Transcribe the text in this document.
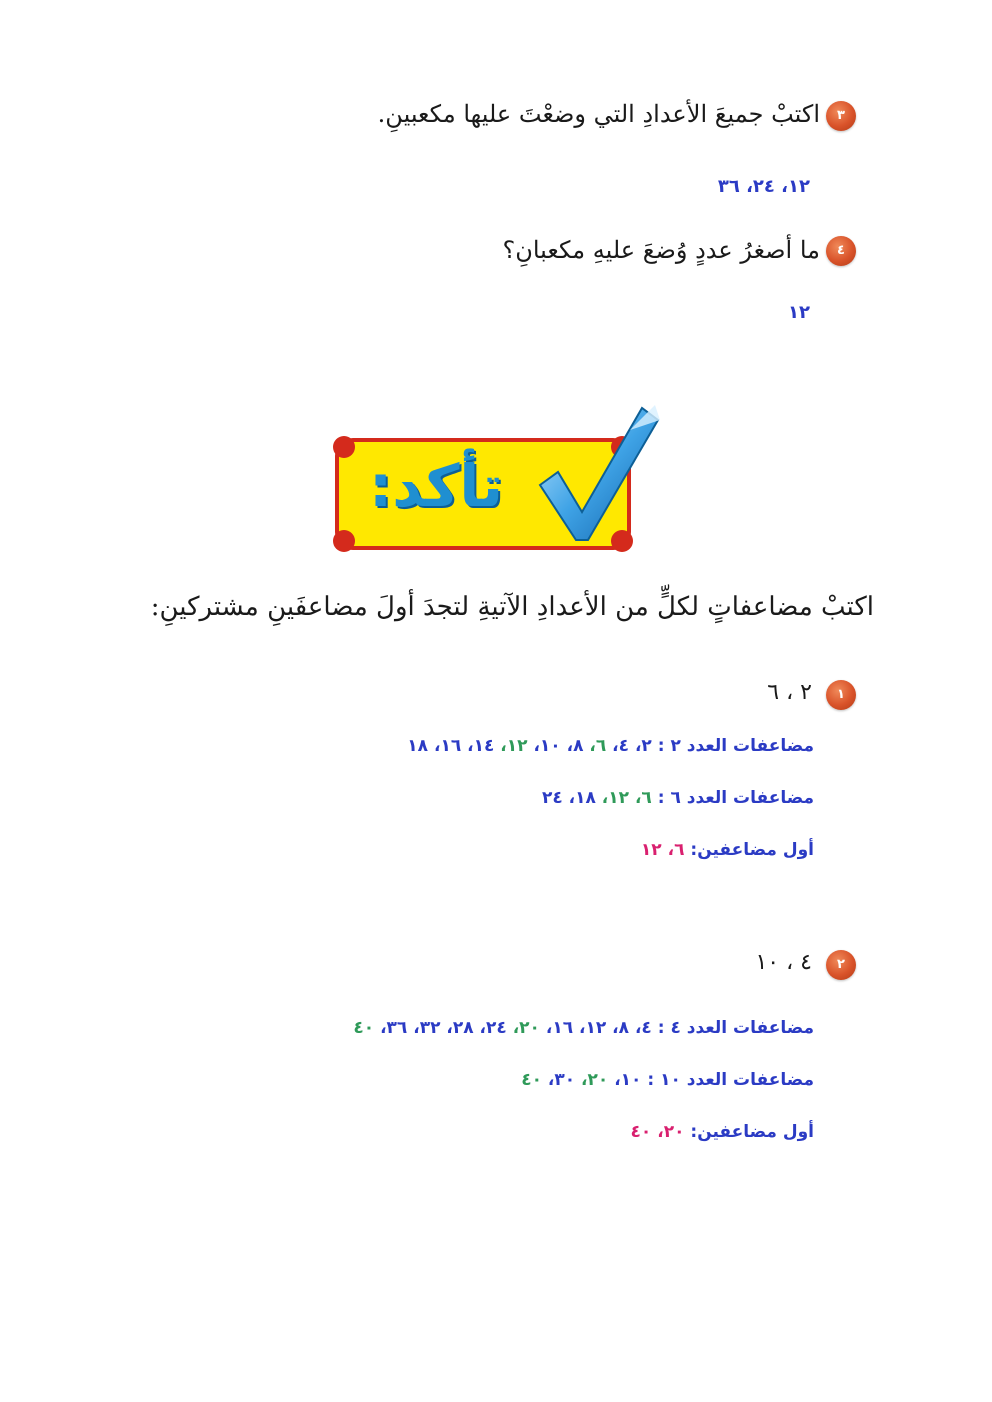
٣
اكتبْ جميعَ الأعدادِ التي وضعْتَ عليها مكعبينِ.
١٢، ٢٤، ٣٦
٤
ما أصغرُ عددٍ وُضعَ عليهِ مكعبانِ؟
١٢
تأكد:
اكتبْ مضاعفاتٍ لكلٍّ من الأعدادِ الآتيةِ لتجدَ أولَ مضاعفَينِ مشتركينِ:
١
٢ ، ٦
مضاعفات العدد ٢ : ٢، ٤، ٦، ٨، ١٠، ١٢، ١٤، ١٦، ١٨
مضاعفات العدد ٦ : ٦، ١٢، ١٨، ٢٤
أول مضاعفين: ٦، ١٢
٢
٤ ، ١٠
مضاعفات العدد ٤ : ٤، ٨، ١٢، ١٦، ٢٠، ٢٤، ٢٨، ٣٢، ٣٦، ٤٠
مضاعفات العدد ١٠ : ١٠، ٢٠، ٣٠، ٤٠
أول مضاعفين: ٢٠، ٤٠
